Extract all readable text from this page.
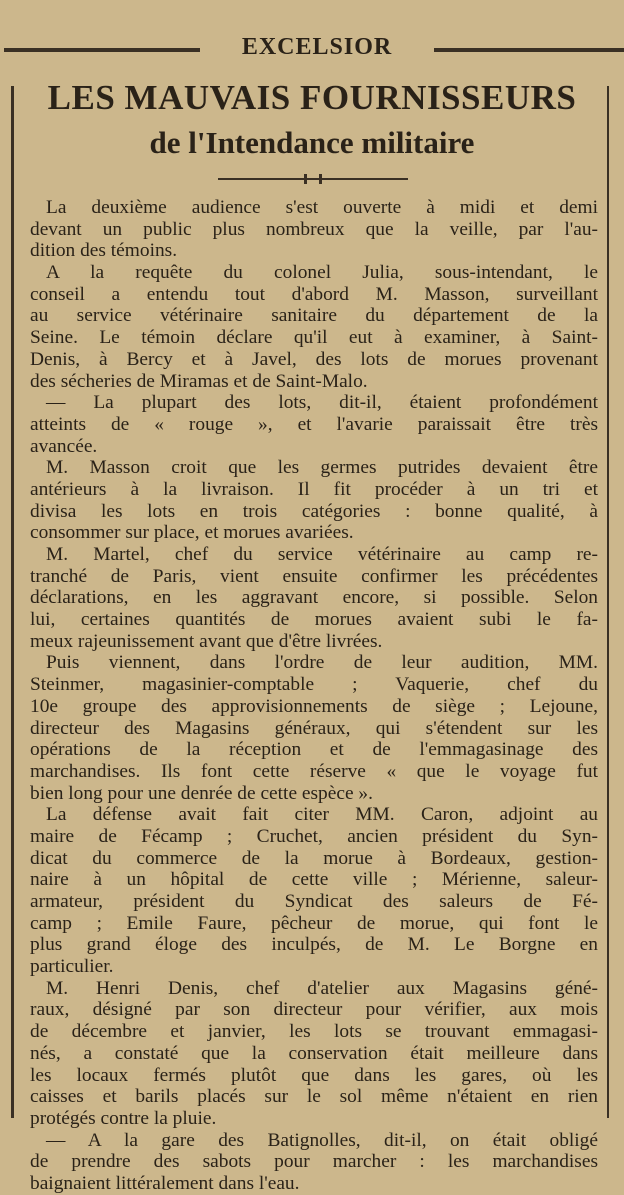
EXCELSIOR
LES MAUVAIS FOURNISSEURS
de l'Intendance militaire
La deuxième audience s'est ouverte à midi et demi
devant un public plus nombreux que la veille, par l'au-
dition des témoins.
A la requête du colonel Julia, sous-intendant, le
conseil a entendu tout d'abord M. Masson, surveillant
au service vétérinaire sanitaire du département de la
Seine. Le témoin déclare qu'il eut à examiner, à Saint-
Denis, à Bercy et à Javel, des lots de morues provenant
des sécheries de Miramas et de Saint-Malo.
— La plupart des lots, dit-il, étaient profondément
atteints de « rouge », et l'avarie paraissait être très
avancée.
M. Masson croit que les germes putrides devaient être
antérieurs à la livraison. Il fit procéder à un tri et
divisa les lots en trois catégories : bonne qualité, à
consommer sur place, et morues avariées.
M. Martel, chef du service vétérinaire au camp re-
tranché de Paris, vient ensuite confirmer les précédentes
déclarations, en les aggravant encore, si possible. Selon
lui, certaines quantités de morues avaient subi le fa-
meux rajeunissement avant que d'être livrées.
Puis viennent, dans l'ordre de leur audition, MM.
Steinmer, magasinier-comptable ; Vaquerie, chef du
10e groupe des approvisionnements de siège ; Lejoune,
directeur des Magasins généraux, qui s'étendent sur les
opérations de la réception et de l'emmagasinage des
marchandises. Ils font cette réserve « que le voyage fut
bien long pour une denrée de cette espèce ».
La défense avait fait citer MM. Caron, adjoint au
maire de Fécamp ; Cruchet, ancien président du Syn-
dicat du commerce de la morue à Bordeaux, gestion-
naire à un hôpital de cette ville ; Mérienne, saleur-
armateur, président du Syndicat des saleurs de Fé-
camp ; Emile Faure, pêcheur de morue, qui font le
plus grand éloge des inculpés, de M. Le Borgne en
particulier.
M. Henri Denis, chef d'atelier aux Magasins géné-
raux, désigné par son directeur pour vérifier, aux mois
de décembre et janvier, les lots se trouvant emmagasi-
nés, a constaté que la conservation était meilleure dans
les locaux fermés plutôt que dans les gares, où les
caisses et barils placés sur le sol même n'étaient en rien
protégés contre la pluie.
— A la gare des Batignolles, dit-il, on était obligé
de prendre des sabots pour marcher : les marchandises
baignaient littéralement dans l'eau.
